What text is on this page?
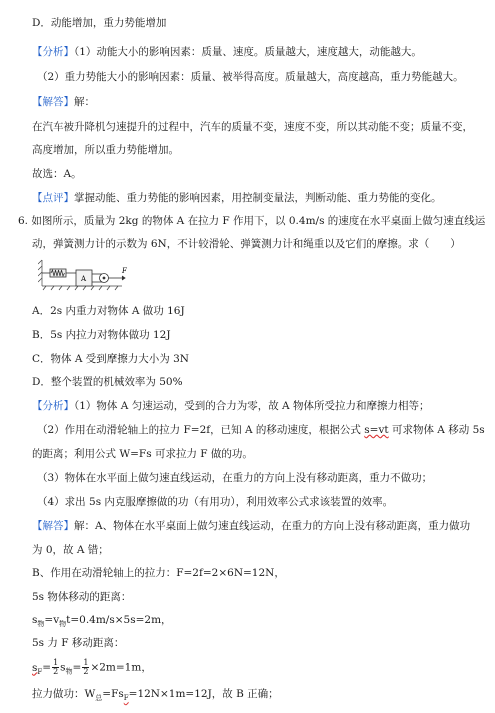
D．动能增加，重力势能增加
【分析】（1）动能大小的影响因素：质量、速度。质量越大，速度越大，动能越大。
（2）重力势能大小的影响因素：质量、被举得高度。质量越大，高度越高，重力势能越大。
【解答】解：
在汽车被升降机匀速提升的过程中，汽车的质量不变，速度不变，所以其动能不变；质量不变，
高度增加，所以重力势能增加。
故选：A。
【点评】掌握动能、重力势能的影响因素，用控制变量法，判断动能、重力势能的变化。
6. 如图所示，质量为 2kg 的物体 A 在拉力 F 作用下，以 0.4m/s 的速度在水平桌面上做匀速直线运
动，弹簧测力计的示数为 6N，不计较滑轮、弹簧测力计和绳重以及它们的摩擦。求（　　）
A
F
A．2s 内重力对物体 A 做功 16J
B．5s 内拉力对物体做功 12J
C．物体 A 受到摩擦力大小为 3N
D．整个装置的机械效率为 50%
【分析】（1）物体 A 匀速运动，受到的合力为零，故 A 物体所受拉力和摩擦力相等；
（2）作用在动滑轮轴上的拉力 F=2f，已知 A 的移动速度，根据公式 s=vt 可求物体 A 移动 5s
的距离；利用公式 W=Fs 可求拉力 F 做的功。
（3）物体在水平面上做匀速直线运动，在重力的方向上没有移动距离，重力不做功；
（4）求出 5s 内克服摩擦做的功（有用功），利用效率公式求该装置的效率。
【解答】解：A、物体在水平桌面上做匀速直线运动，在重力的方向上没有移动距离，重力做功
为 0，故 A 错；
B、作用在动滑轮轴上的拉力：F=2f=2×6N=12N，
5s 物体移动的距离：
$s_物=v_物t=0.4m/s\times 5s=2m$，
5s 力 F 移动距离：
$s_F= \frac{1}{2} s_物= \frac{1}{2} \times 2m=1m$，
拉力做功：$W_总=Fs_F=12N\times 1m=12J$，故 B 正确；
